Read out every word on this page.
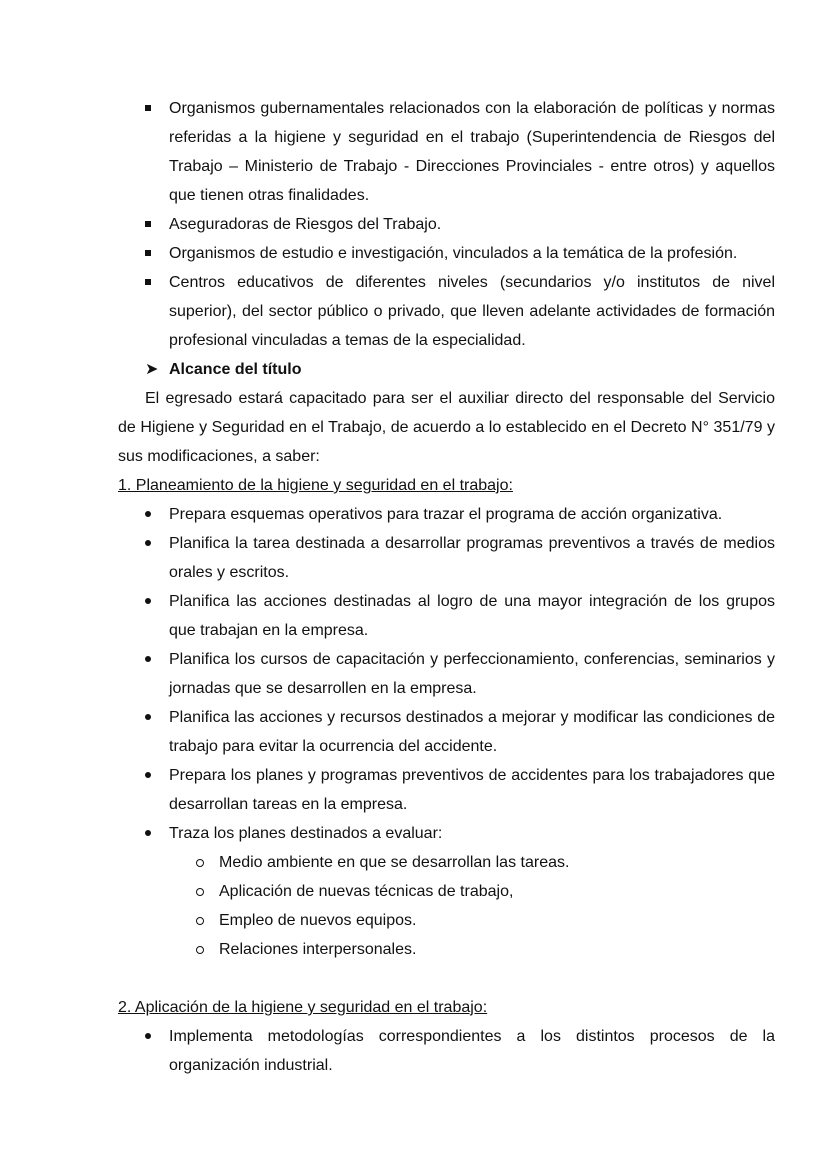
Organismos gubernamentales relacionados con la elaboración de políticas y normas referidas a la higiene y seguridad en el trabajo (Superintendencia de Riesgos del Trabajo – Ministerio de Trabajo - Direcciones Provinciales - entre otros) y aquellos que tienen otras finalidades.
Aseguradoras de Riesgos del Trabajo.
Organismos de estudio e investigación, vinculados a la temática de la profesión.
Centros educativos de diferentes niveles (secundarios y/o institutos de nivel superior), del sector público o privado, que lleven adelante actividades de formación profesional vinculadas a temas de la especialidad.
➤ Alcance del título

El egresado estará capacitado para ser el auxiliar directo del responsable del Servicio de Higiene y Seguridad en el Trabajo, de acuerdo a lo establecido en el Decreto N° 351/79 y sus modificaciones, a saber:

1. Planeamiento de la higiene y seguridad en el trabajo:
Prepara esquemas operativos para trazar el programa de acción organizativa.
Planifica la tarea destinada a desarrollar programas preventivos a través de medios orales y escritos.
Planifica las acciones destinadas al logro de una mayor integración de los grupos que trabajan en la empresa.
Planifica los cursos de capacitación y perfeccionamiento, conferencias, seminarios y jornadas que se desarrollen en la empresa.
Planifica las acciones y recursos destinados a mejorar y modificar las condiciones de trabajo para evitar la ocurrencia del accidente.
Prepara los planes y programas preventivos de accidentes para los trabajadores que desarrollan tareas en la empresa.
Traza los planes destinados a evaluar:
Medio ambiente en que se desarrollan las tareas.
Aplicación de nuevas técnicas de trabajo,
Empleo de nuevos equipos.
Relaciones interpersonales.
2. Aplicación de la higiene y seguridad en el trabajo:
Implementa metodologías correspondientes a los distintos procesos de la organización industrial.
